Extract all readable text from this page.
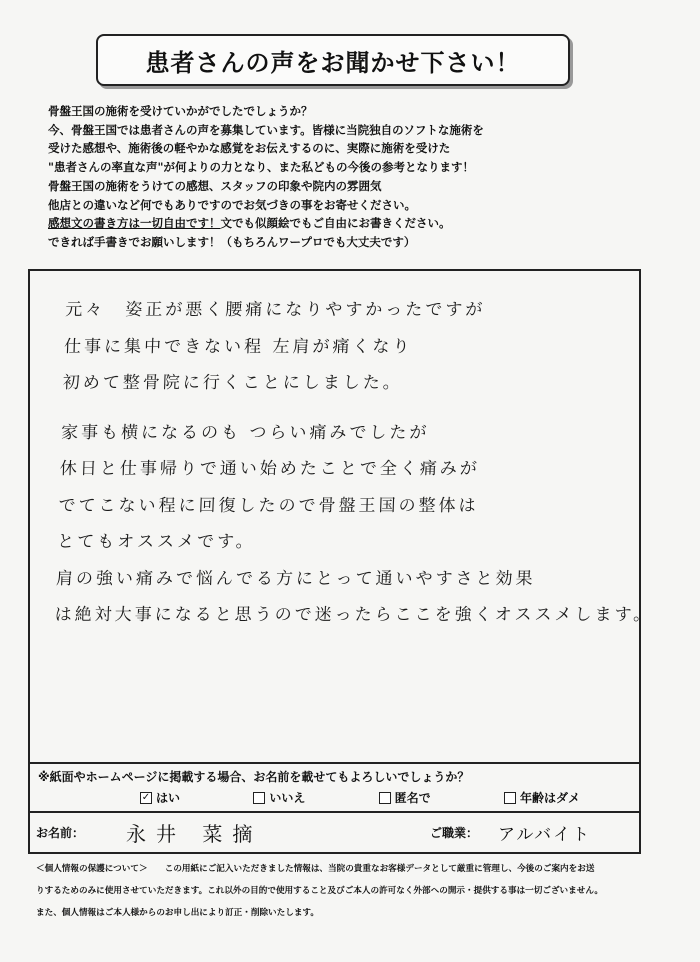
患者さんの声をお聞かせ下さい！
骨盤王国の施術を受けていかがでしたでしょうか？
今、骨盤王国では患者さんの声を募集しています。皆様に当院独自のソフトな施術を
受けた感想や、施術後の軽やかな感覚をお伝えするのに、実際に施術を受けた
"患者さんの率直な声"が何よりの力となり、また私どもの今後の参考となります！
骨盤王国の施術をうけての感想、スタッフの印象や院内の雰囲気
他店との違いなど何でもありですのでお気づきの事をお寄せください。
感想文の書き方は一切自由です！文でも似顔絵でもご自由にお書きください。
できれば手書きでお願いします！（もちろんワープロでも大丈夫です）
元々　姿正が悪く腰痛になりやすかったですが
仕事に集中できない程 左肩が痛くなり
初めて整骨院に行くことにしました。
家事も横になるのも つらい痛みでしたが
休日と仕事帰りで通い始めたことで全く痛みが
でてこない程に回復したので骨盤王国の整体は
とてもオススメです。
肩の強い痛みで悩んでる方にとって通いやすさと効果
は絶対大事になると思うので迷ったらここを強くオススメします。
※紙面やホームページに掲載する場合、お名前を載せてもよろしいでしょうか？
✓ はい	いいえ	匿名で	年齢はダメ
お名前： 永井 菜摘	ご職業： アルバイト
＜個人情報の保護について＞　　この用紙にご記入いただきました情報は、当院の貴重なお客様データとして厳重に管理し、今後のご案内をお送
りするためのみに使用させていただきます。これ以外の目的で使用すること及びご本人の許可なく外部への開示・提供する事は一切ございません。
また、個人情報はご本人様からのお申し出により訂正・削除いたします。
